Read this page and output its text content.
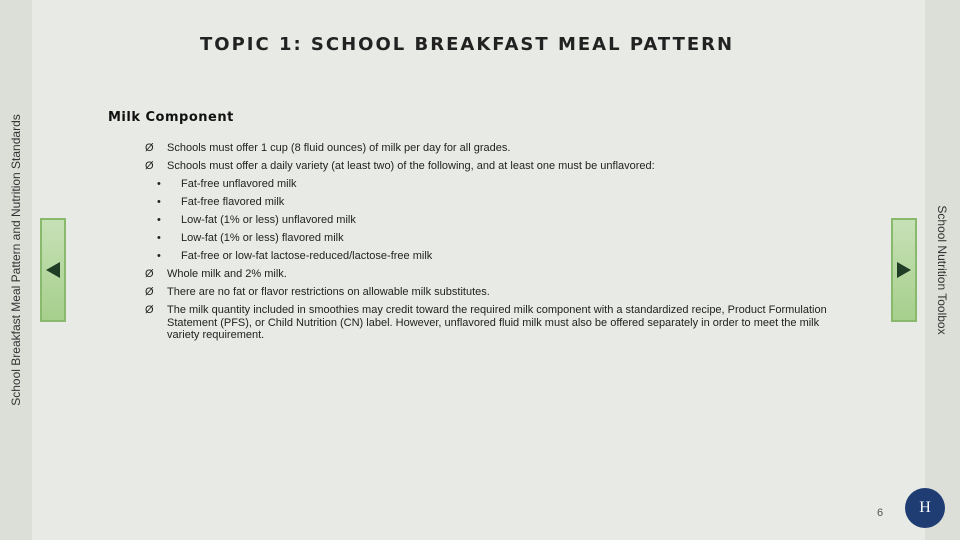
School Breakfast Meal Pattern and Nutrition Standards	School Nutrition Toolbox
TOPIC 1: SCHOOL BREAKFAST MEAL PATTERN
Milk Component
Ø	Schools must offer 1 cup (8 fluid ounces) of milk per day for all grades.
Ø	Schools must offer a daily variety (at least two) of the following, and at least one must be unflavored:
•	Fat-free unflavored milk
•	Fat-free flavored milk
•	Low-fat (1% or less) unflavored milk
•	Low-fat (1% or less) flavored milk
•	Fat-free or low-fat lactose-reduced/lactose-free milk
Ø	Whole milk and 2% milk.
Ø	There are no fat or flavor restrictions on allowable milk substitutes.
Ø	The milk quantity included in smoothies may credit toward the required milk component with a standardized recipe, Product Formulation Statement (PFS), or Child Nutrition (CN) label. However, unflavored fluid milk must also be offered separately in order to meet the milk variety requirement.
6	H
